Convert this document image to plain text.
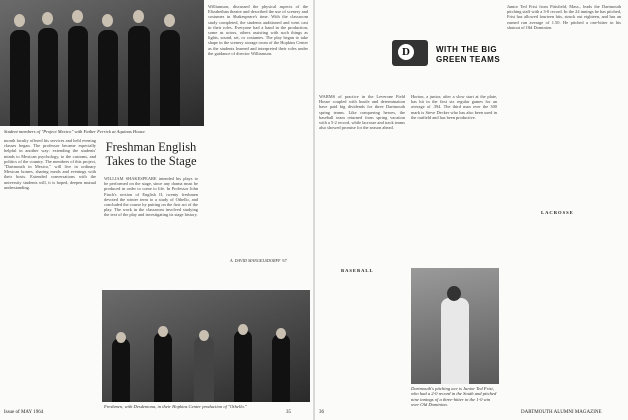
Student members of "Project Mexico" with Father Ferrick at Aquinas House.
month faculty offered his services and held evening classes began. The professor became especially helpful in another way: extending the students' minds to Mexican psychology, to the customs, and politics of the country. The members of this project, "Dartmouth in Mexico," will live in ordinary Mexican homes, sharing meals and evenings with their hosts. Extended conversations with the university students will, it is hoped, deepen mutual understanding.
Freshman English Takes to the Stage
WILLIAM SHAKESPEARE intended his plays to be performed on the stage, since any drama must be produced in order to come to life. In Professor John Finch's section of English II, twenty freshmen devoted the winter term to a study of Othello, and concluded the course by putting on the first act of the play. The work in the classroom involved studying the text of the play and investigating its stage history.
Williamson, discussed the physical aspects of the Elizabethan theatre and described the use of scenery and costumes in Shakespeare's time. With the classroom study completed, the students auditioned and went cast in their roles. Everyone had a hand in the production, some as actors, others assisting with such things as lights, sound, set, or costumes. The play began to take shape in the scenery storage room of the Hopkins Center as the students learned and interpreted their roles under the guidance of director Williamson.
A. DAVID MANGELSDORFF '67
Freshmen, with Desdemona, in their Hopkins Center production of "Othello."
Issue of MAY 1964	35
WARMS of practice in the Leverone Field House coupled with hustle and determination have paid big dividends for three Dartmouth spring teams. Like conquering heroes, the baseball team returned from spring vacation with a 5-2 record, while lacrosse and track teams also showed promise for the season ahead.
Horton, a junior, after a slow start at the plate, has hit in the first six regular games for an average of .394. The third man over the 300 mark is Steve Decker who has also been used in the outfield and has been productive.
Junior Ted Frisi from Pittsfield, Mass., leads the Dartmouth pitching staff with a 3-0 record. In the 24 innings he has pitched, Frisi has allowed fourteen hits, struck out eighteen, and has an earned run average of 1.50. He pitched a one-hitter in his shutout of Old Dominion.
BASEBALL
LACROSSE
Dartmouth's pitching ace is Junior Ted Frisi, who had a 2-0 record in the South and pitched nine innings of a three-hitter in the 1-0 win over Old Dominion.
36	DARTMOUTH ALUMNI MAGAZINE
D	WITH THE BIG GREEN TEAMS
